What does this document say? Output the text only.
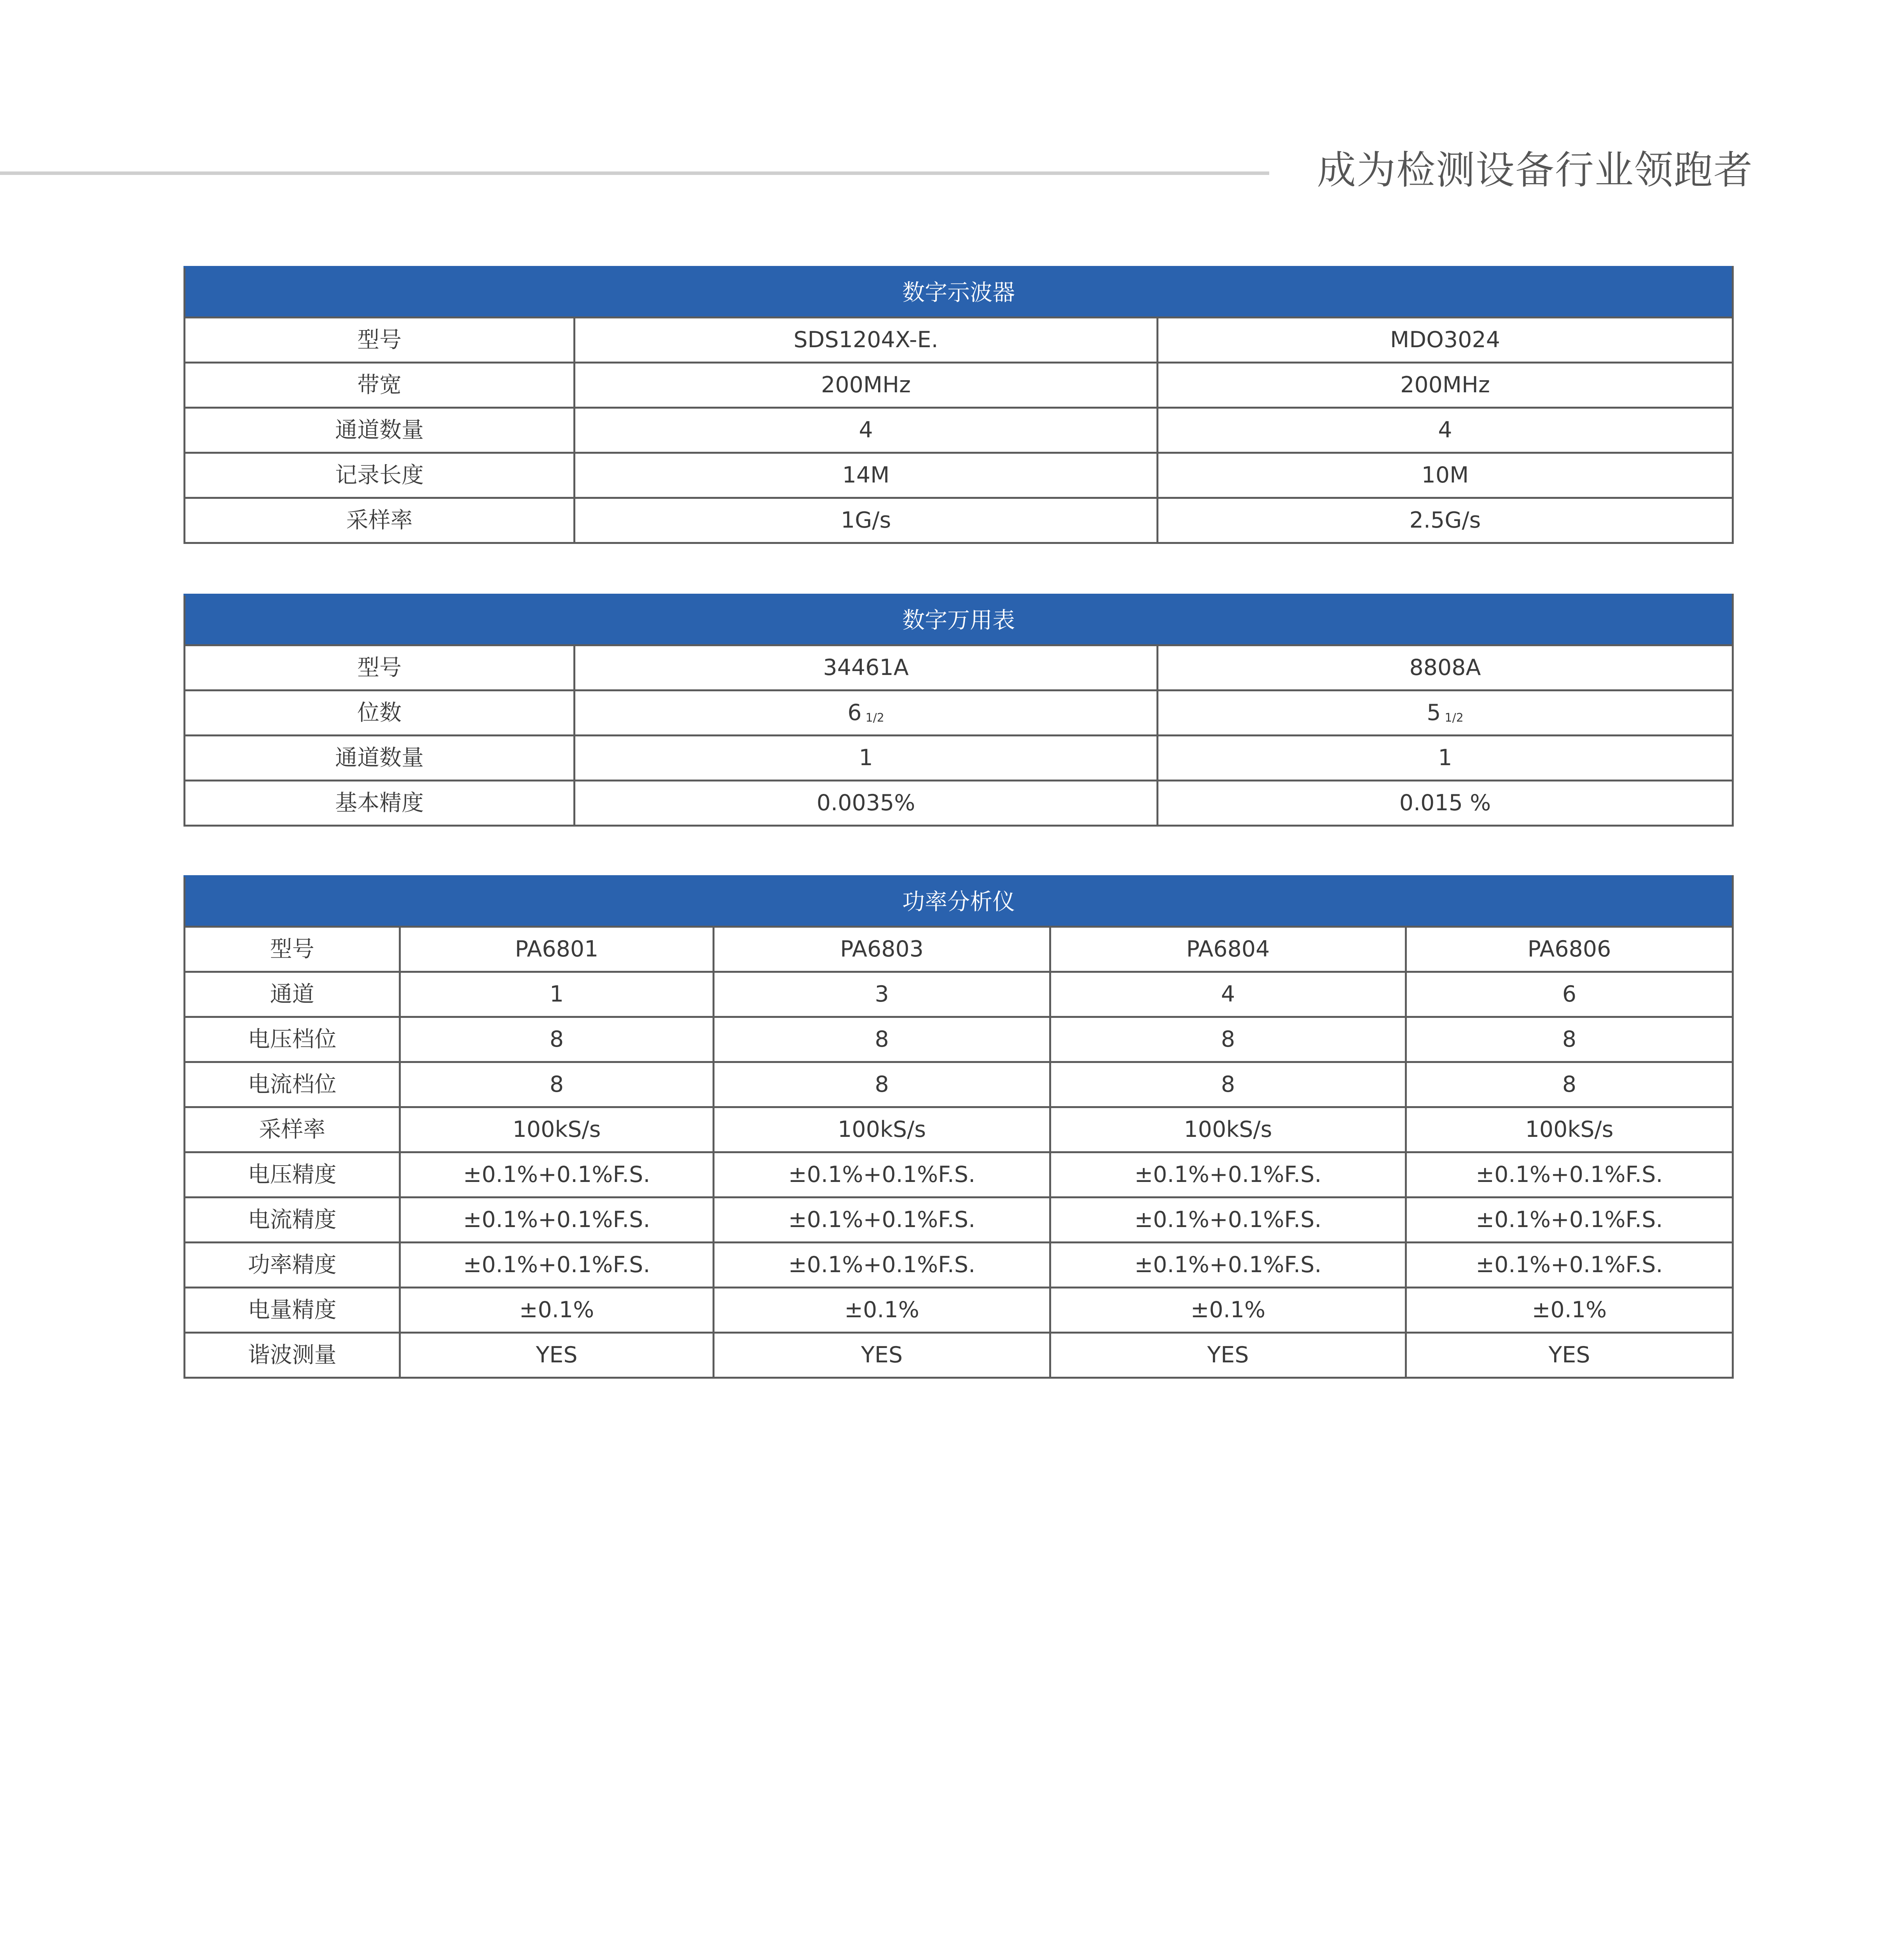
成为检测设备行业领跑者
数字示波器		
型号	SDS1204X-E.	MDO3024
带宽	200MHz	200MHz
通道数量	4	4
记录长度	14M	10M
采样率	1G/s	2.5G/s
数字万用表		
型号	34461A	8808A
位数	6 1/2	5 1/2
通道数量	1	1
基本精度	0.0035%	0.015 %
功率分析仪				
型号	PA6801	PA6803	PA6804	PA6806
通道	1	3	4	6
电压档位	8	8	8	8
电流档位	8	8	8	8
采样率	100kS/s	100kS/s	100kS/s	100kS/s
电压精度	±0.1%+0.1%F.S.	±0.1%+0.1%F.S.	±0.1%+0.1%F.S.	±0.1%+0.1%F.S.
电流精度	±0.1%+0.1%F.S.	±0.1%+0.1%F.S.	±0.1%+0.1%F.S.	±0.1%+0.1%F.S.
功率精度	±0.1%+0.1%F.S.	±0.1%+0.1%F.S.	±0.1%+0.1%F.S.	±0.1%+0.1%F.S.
电量精度	±0.1%	±0.1%	±0.1%	±0.1%
谐波测量	YES	YES	YES	YES
